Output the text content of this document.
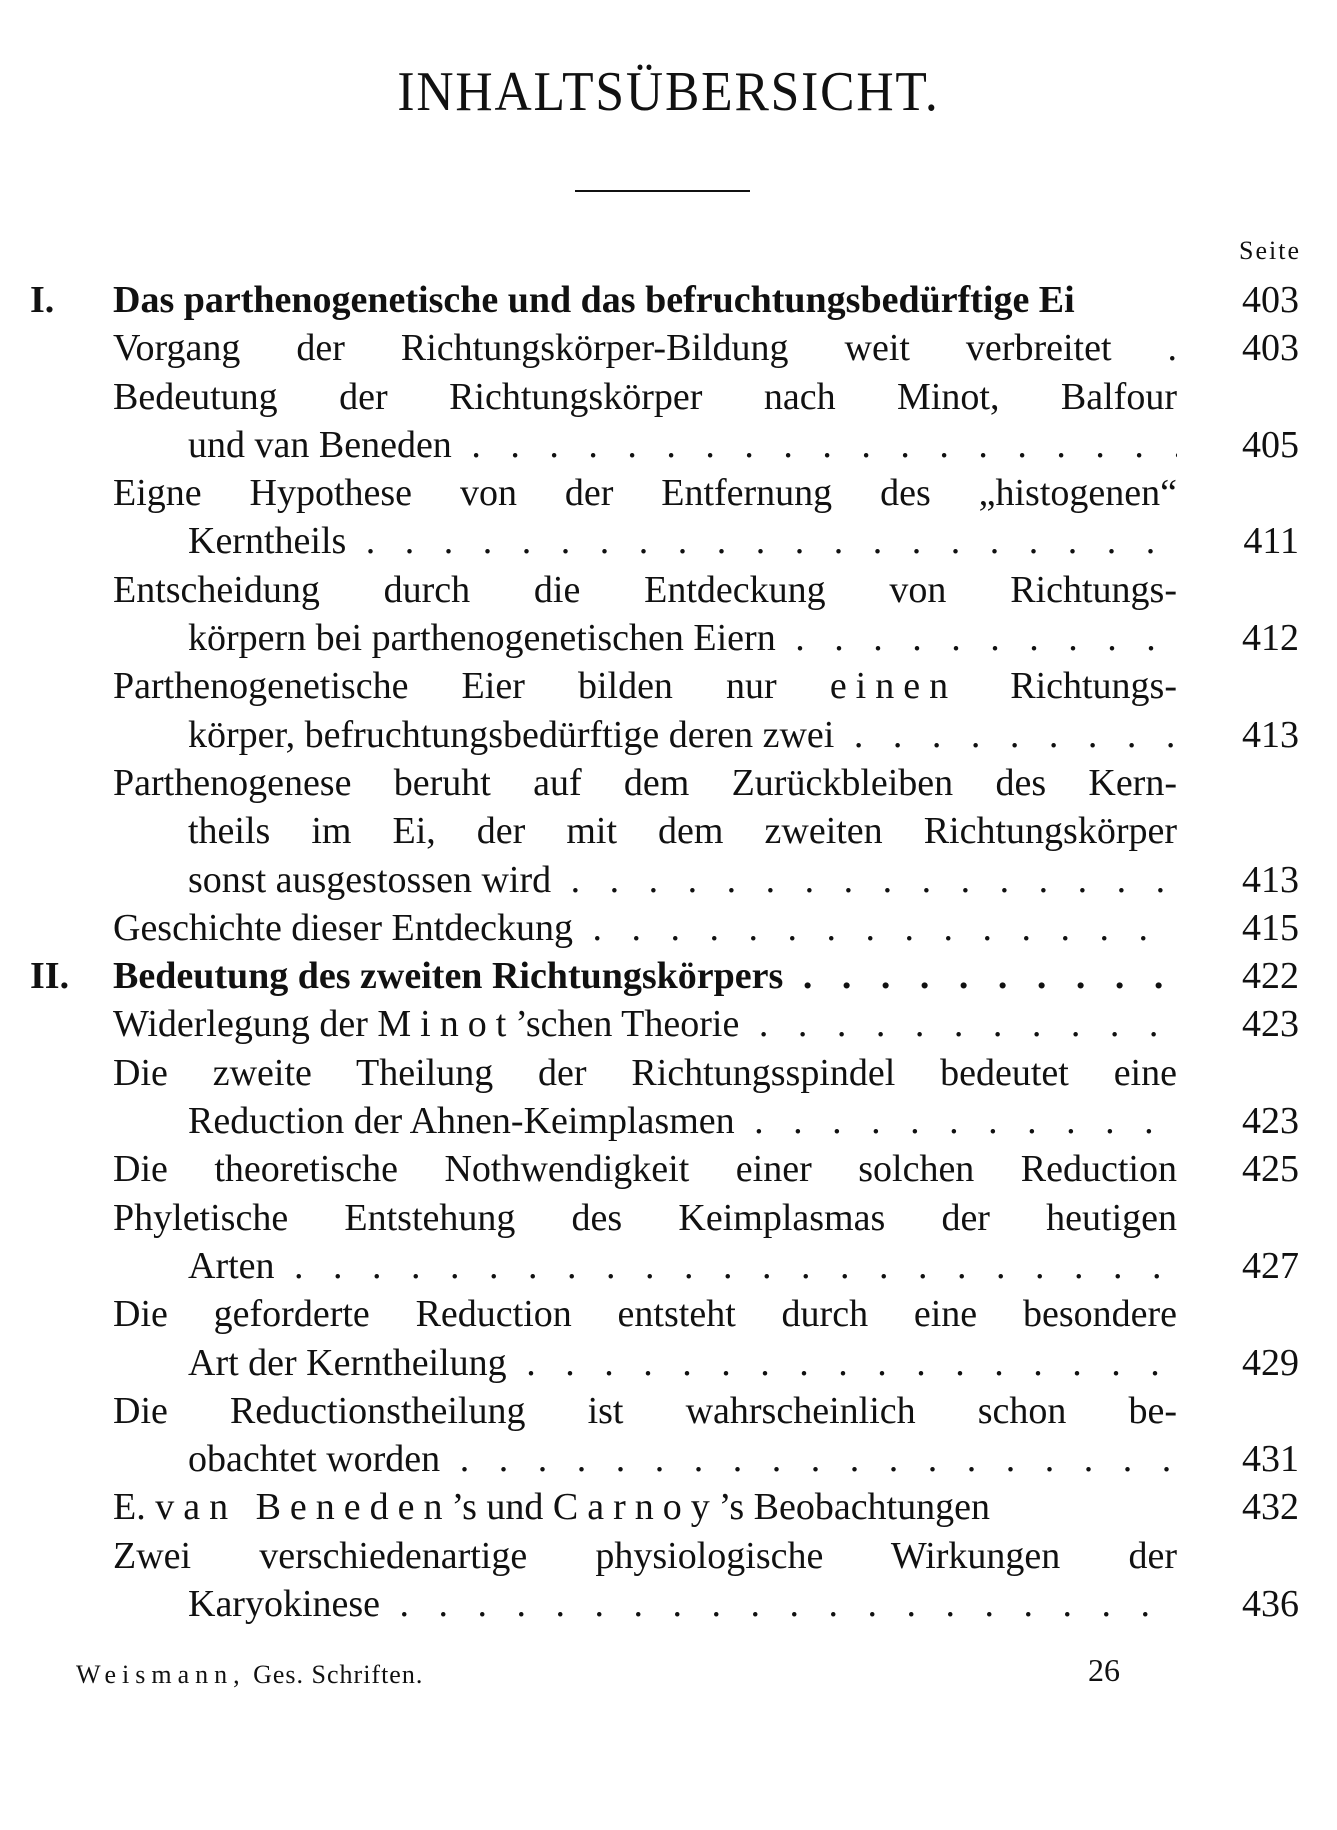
INHALTSÜBERSICHT.
Seite
I.	Das parthenogenetische und das befruchtungsbedürftige Ei	403
Vorgang der Richtungskörper-Bildung weit verbreitet .	403
Bedeutung der Richtungskörper nach Minot, Balfour
und van Beneden . . .	405
Eigne Hypothese von der Entfernung des „histogenen“
Kerntheils . . .	411
Entscheidung durch die Entdeckung von Richtungs-
körpern bei parthenogenetischen Eiern . . .	412
Parthenogenetische Eier bilden nur einen Richtungs-
körper, befruchtungsbedürftige deren zwei . . .	413
Parthenogenese beruht auf dem Zurückbleiben des Kern-
theils im Ei, der mit dem zweiten Richtungskörper
sonst ausgestossen wird . . .	413
Geschichte dieser Entdeckung . . .	415
II.	Bedeutung des zweiten Richtungskörpers . . .	422
Widerlegung der Minot’schen Theorie . . .	423
Die zweite Theilung der Richtungsspindel bedeutet eine
Reduction der Ahnen-Keimplasmen . . .	423
Die theoretische Nothwendigkeit einer solchen Reduction	425
Phyletische Entstehung des Keimplasmas der heutigen
Arten . . .	427
Die geforderte Reduction entsteht durch eine besondere
Art der Kerntheilung . . .	429
Die Reductionstheilung ist wahrscheinlich schon be-
obachtet worden . . .	431
E. van Beneden’s und Carnoy’s Beobachtungen	432
Zwei verschiedenartige physiologische Wirkungen der
Karyokinese . . .	436
Weismann, Ges. Schriften.	26
